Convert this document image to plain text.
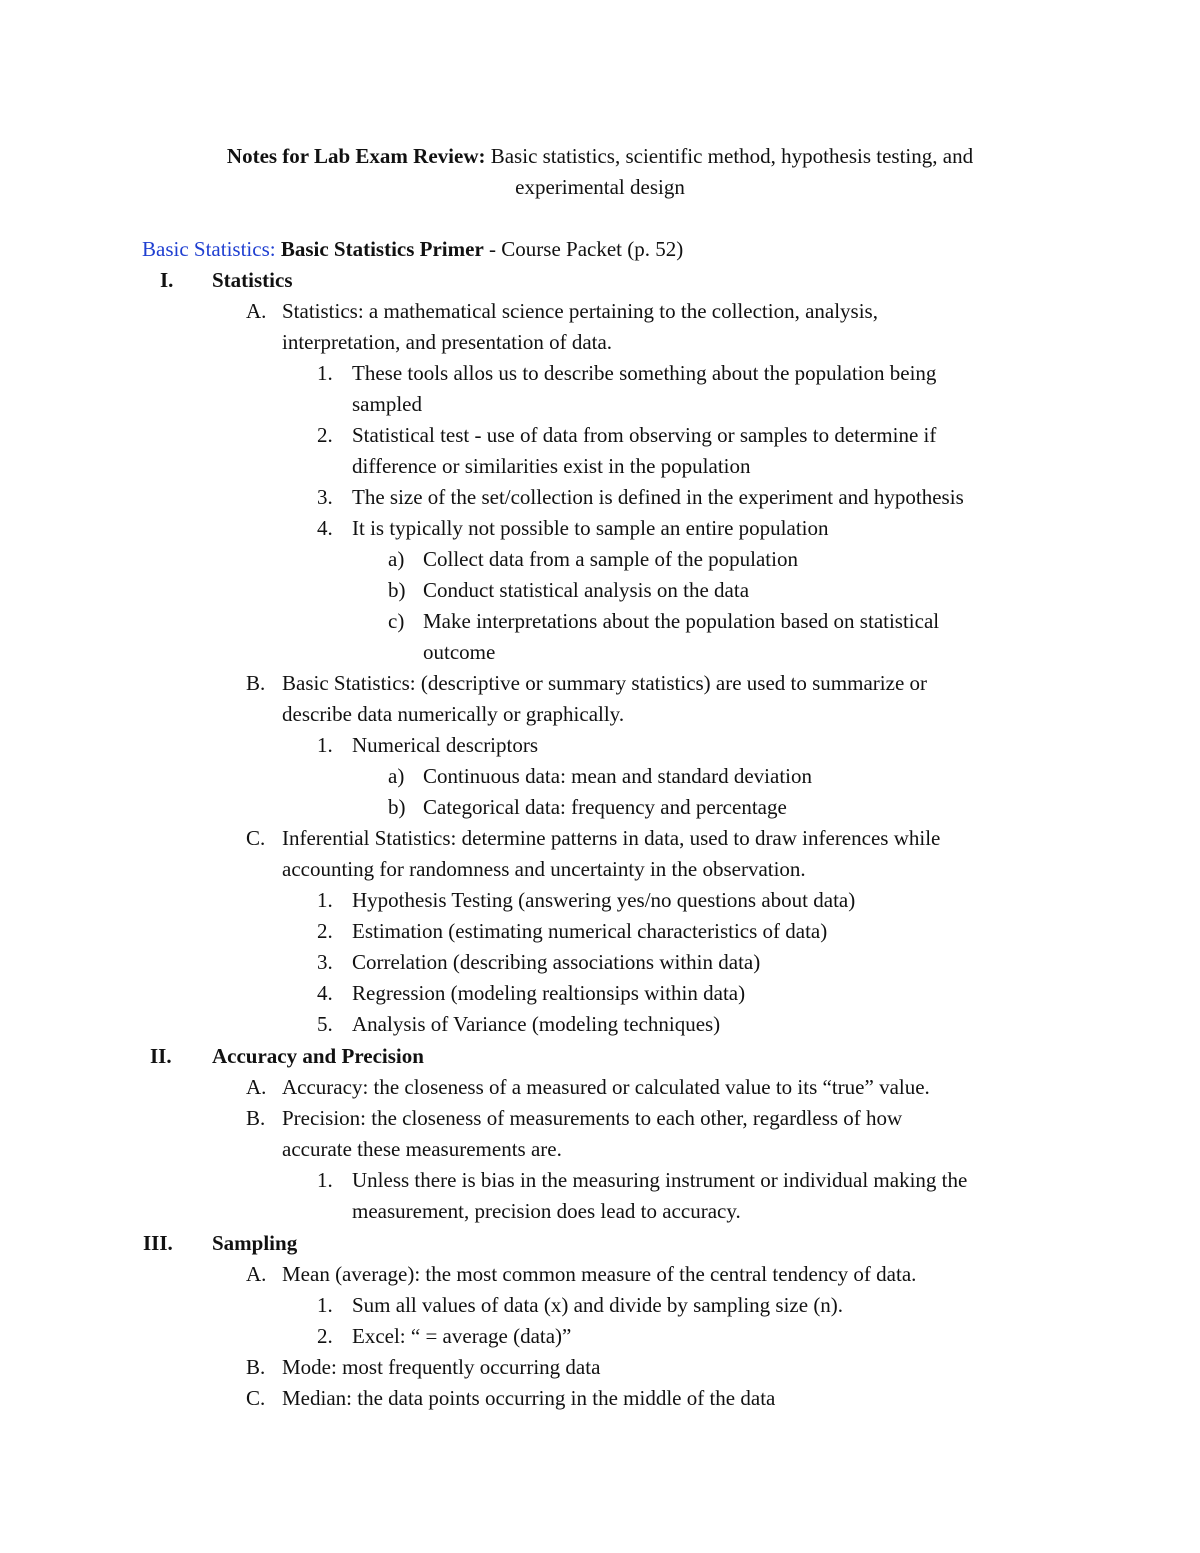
Notes for Lab Exam Review: Basic statistics, scientific method, hypothesis testing, and
experimental design
Basic Statistics: Basic Statistics Primer - Course Packet (p. 52)
I. Statistics
A. Statistics: a mathematical science pertaining to the collection, analysis,
interpretation, and presentation of data.
1. These tools allos us to describe something about the population being
sampled
2. Statistical test - use of data from observing or samples to determine if
difference or similarities exist in the population
3. The size of the set/collection is defined in the experiment and hypothesis
4. It is typically not possible to sample an entire population
a) Collect data from a sample of the population
b) Conduct statistical analysis on the data
c) Make interpretations about the population based on statistical
outcome
B. Basic Statistics: (descriptive or summary statistics) are used to summarize or
describe data numerically or graphically.
1. Numerical descriptors
a) Continuous data: mean and standard deviation
b) Categorical data: frequency and percentage
C. Inferential Statistics: determine patterns in data, used to draw inferences while
accounting for randomness and uncertainty in the observation.
1. Hypothesis Testing (answering yes/no questions about data)
2. Estimation (estimating numerical characteristics of data)
3. Correlation (describing associations within data)
4. Regression (modeling realtionsips within data)
5. Analysis of Variance (modeling techniques)
II. Accuracy and Precision
A. Accuracy: the closeness of a measured or calculated value to its “true” value.
B. Precision: the closeness of measurements to each other, regardless of how
accurate these measurements are.
1. Unless there is bias in the measuring instrument or individual making the
measurement, precision does lead to accuracy.
III. Sampling
A. Mean (average): the most common measure of the central tendency of data.
1. Sum all values of data (x) and divide by sampling size (n).
2. Excel: “ = average (data)”
B. Mode: most frequently occurring data
C. Median: the data points occurring in the middle of the data
